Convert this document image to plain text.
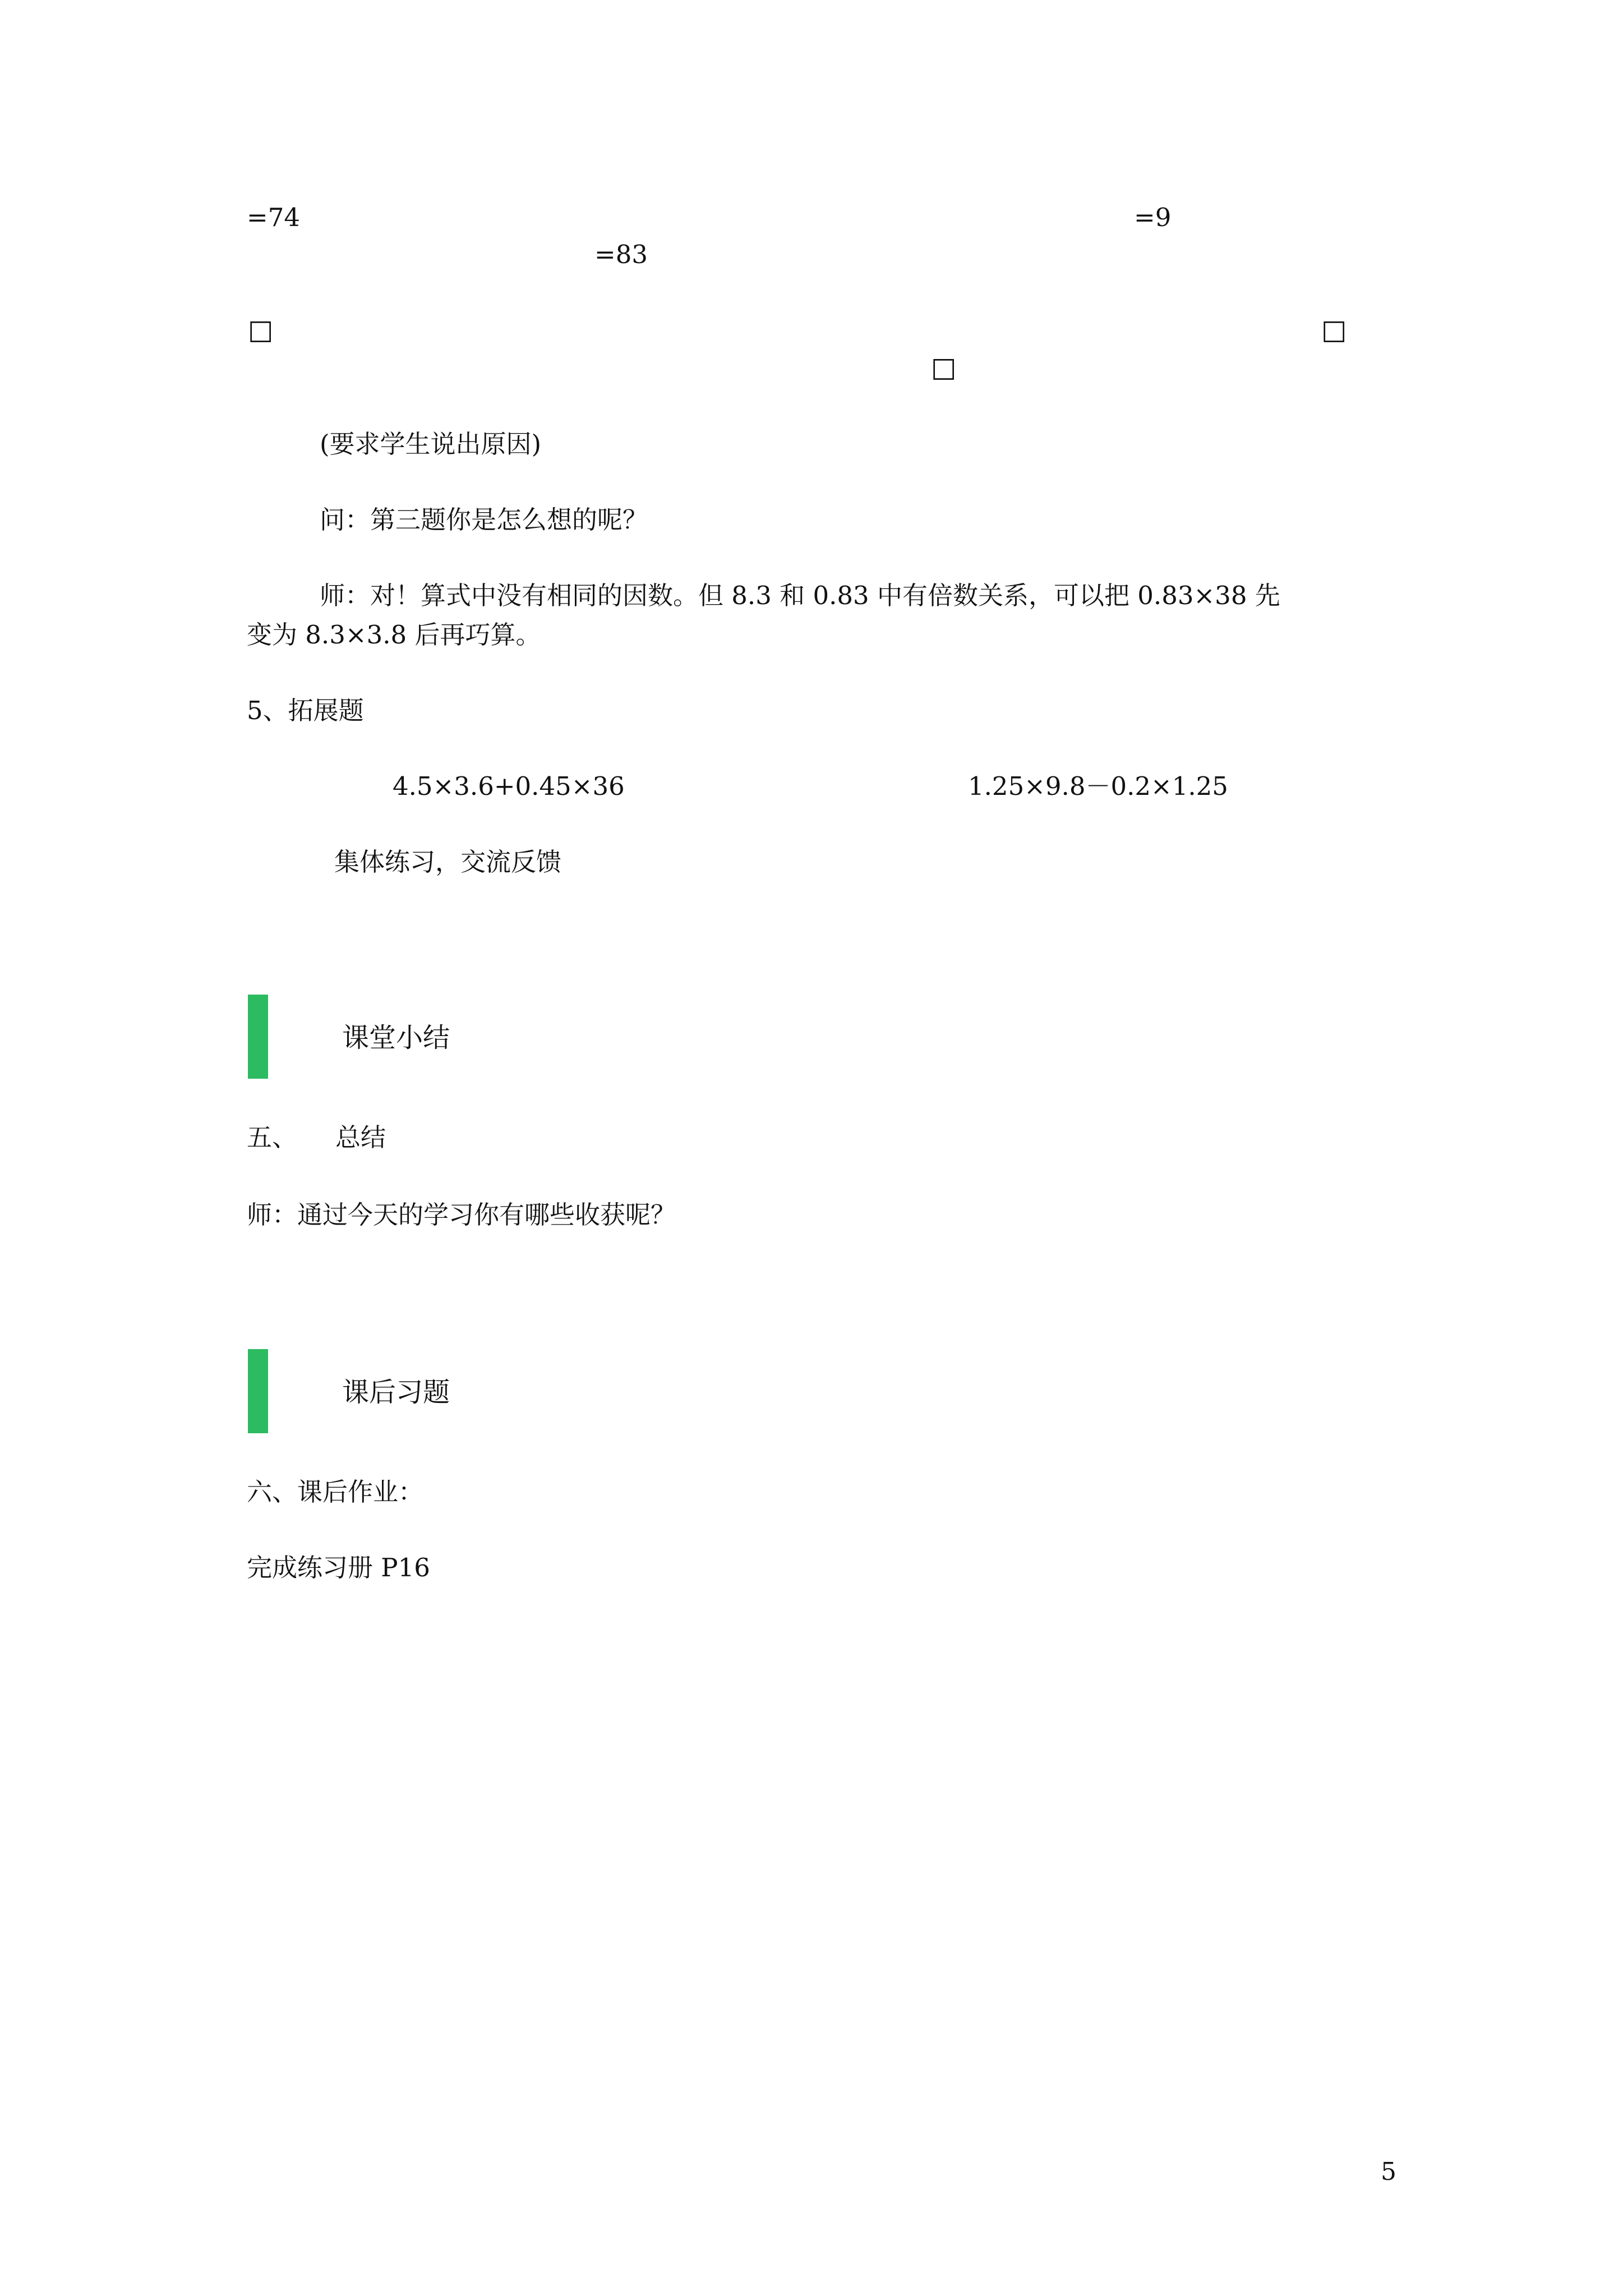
=74	=9
=83
□	□
□
(要求学生说出原因)
问：第三题你是怎么想的呢？
师：对！算式中没有相同的因数。但 8.3 和 0.83 中有倍数关系，可以把 0.83×38 先
变为 8.3×3.8 后再巧算。
5、拓展题
4.5×3.6+0.45×36	1.25×9.8－0.2×1.25
集体练习，交流反馈
课堂小结
五、 总结
师：通过今天的学习你有哪些收获呢？
课后习题
六、课后作业：
完成练习册 P16
5
